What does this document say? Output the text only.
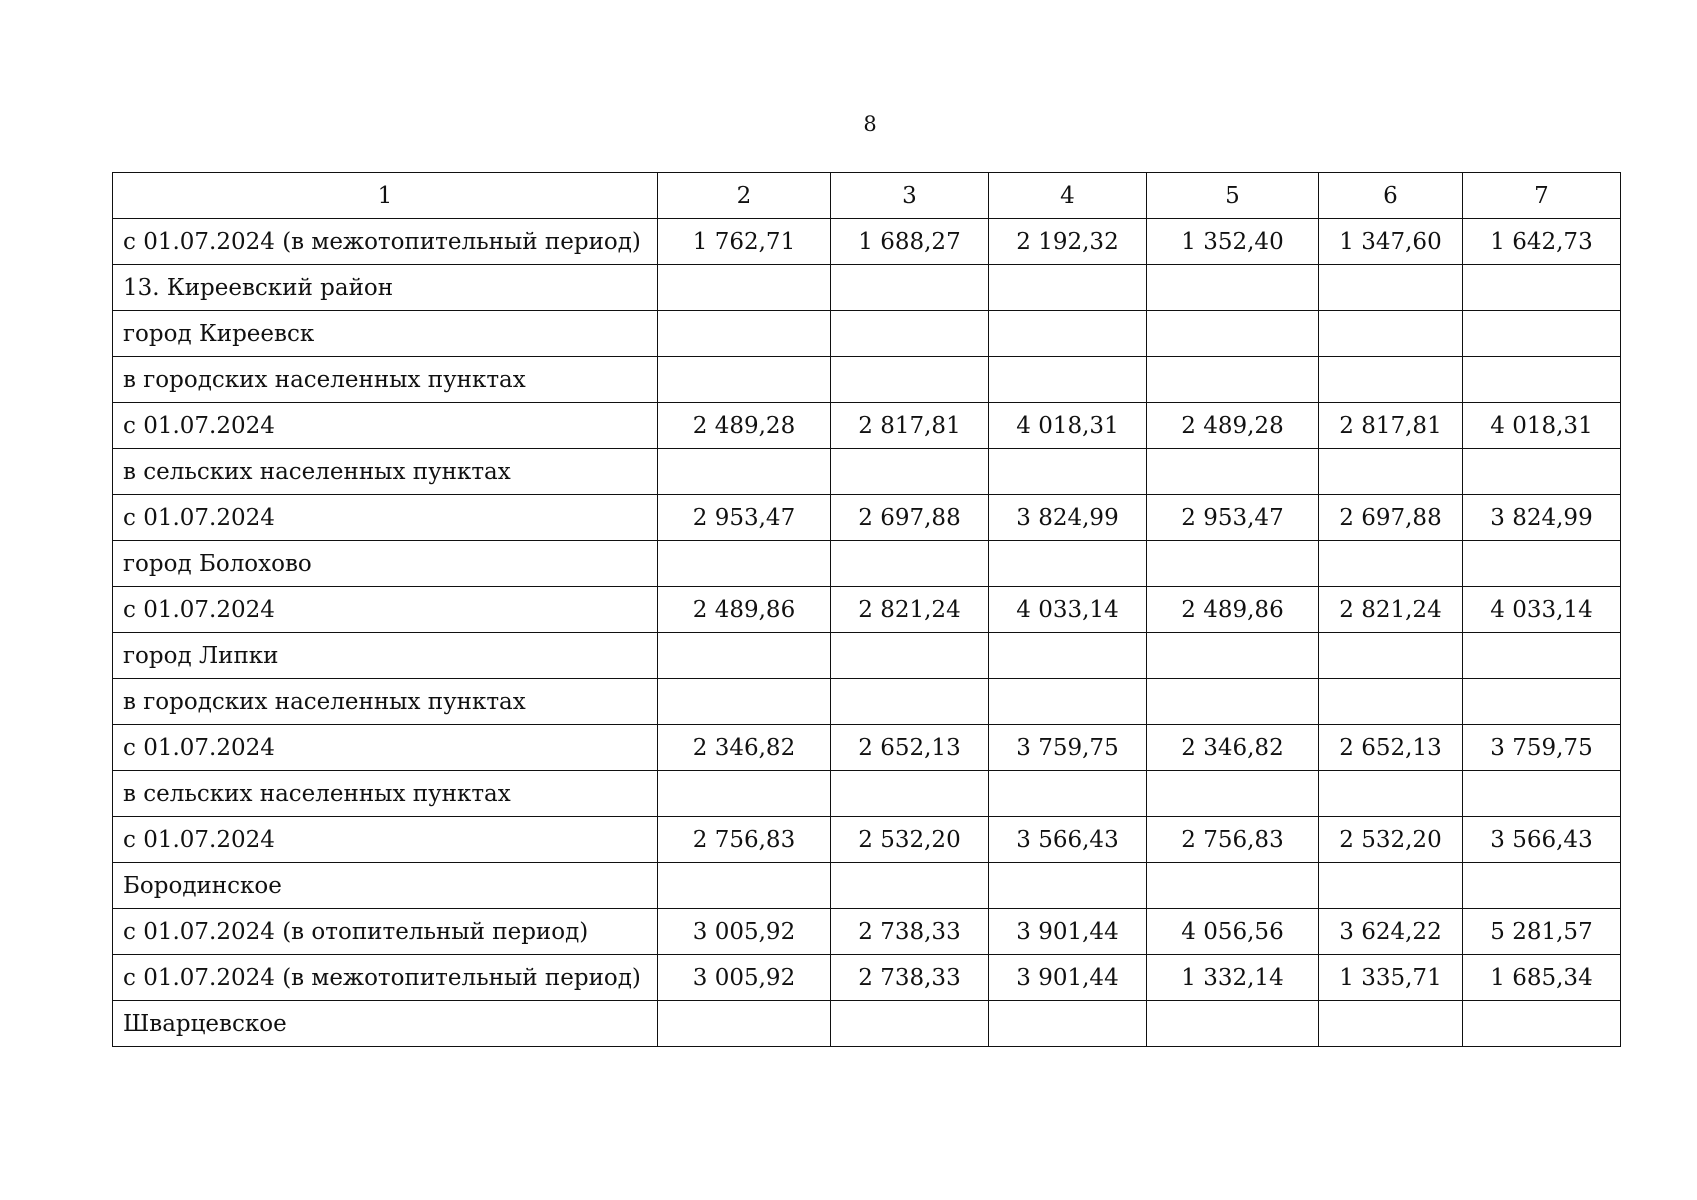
8
1	2	3	4	5	6	7
с 01.07.2024 (в межотопительный период)	1 762,71	1 688,27	2 192,32	1 352,40	1 347,60	1 642,73
13. Киреевский район						
город Киреевск						
в городских населенных пунктах						
с 01.07.2024	2 489,28	2 817,81	4 018,31	2 489,28	2 817,81	4 018,31
в сельских населенных пунктах						
с 01.07.2024	2 953,47	2 697,88	3 824,99	2 953,47	2 697,88	3 824,99
город Болохово						
с 01.07.2024	2 489,86	2 821,24	4 033,14	2 489,86	2 821,24	4 033,14
город Липки						
в городских населенных пунктах						
с 01.07.2024	2 346,82	2 652,13	3 759,75	2 346,82	2 652,13	3 759,75
в сельских населенных пунктах						
с 01.07.2024	2 756,83	2 532,20	3 566,43	2 756,83	2 532,20	3 566,43
Бородинское						
с 01.07.2024 (в отопительный период)	3 005,92	2 738,33	3 901,44	4 056,56	3 624,22	5 281,57
с 01.07.2024 (в межотопительный период)	3 005,92	2 738,33	3 901,44	1 332,14	1 335,71	1 685,34
Шварцевское						
